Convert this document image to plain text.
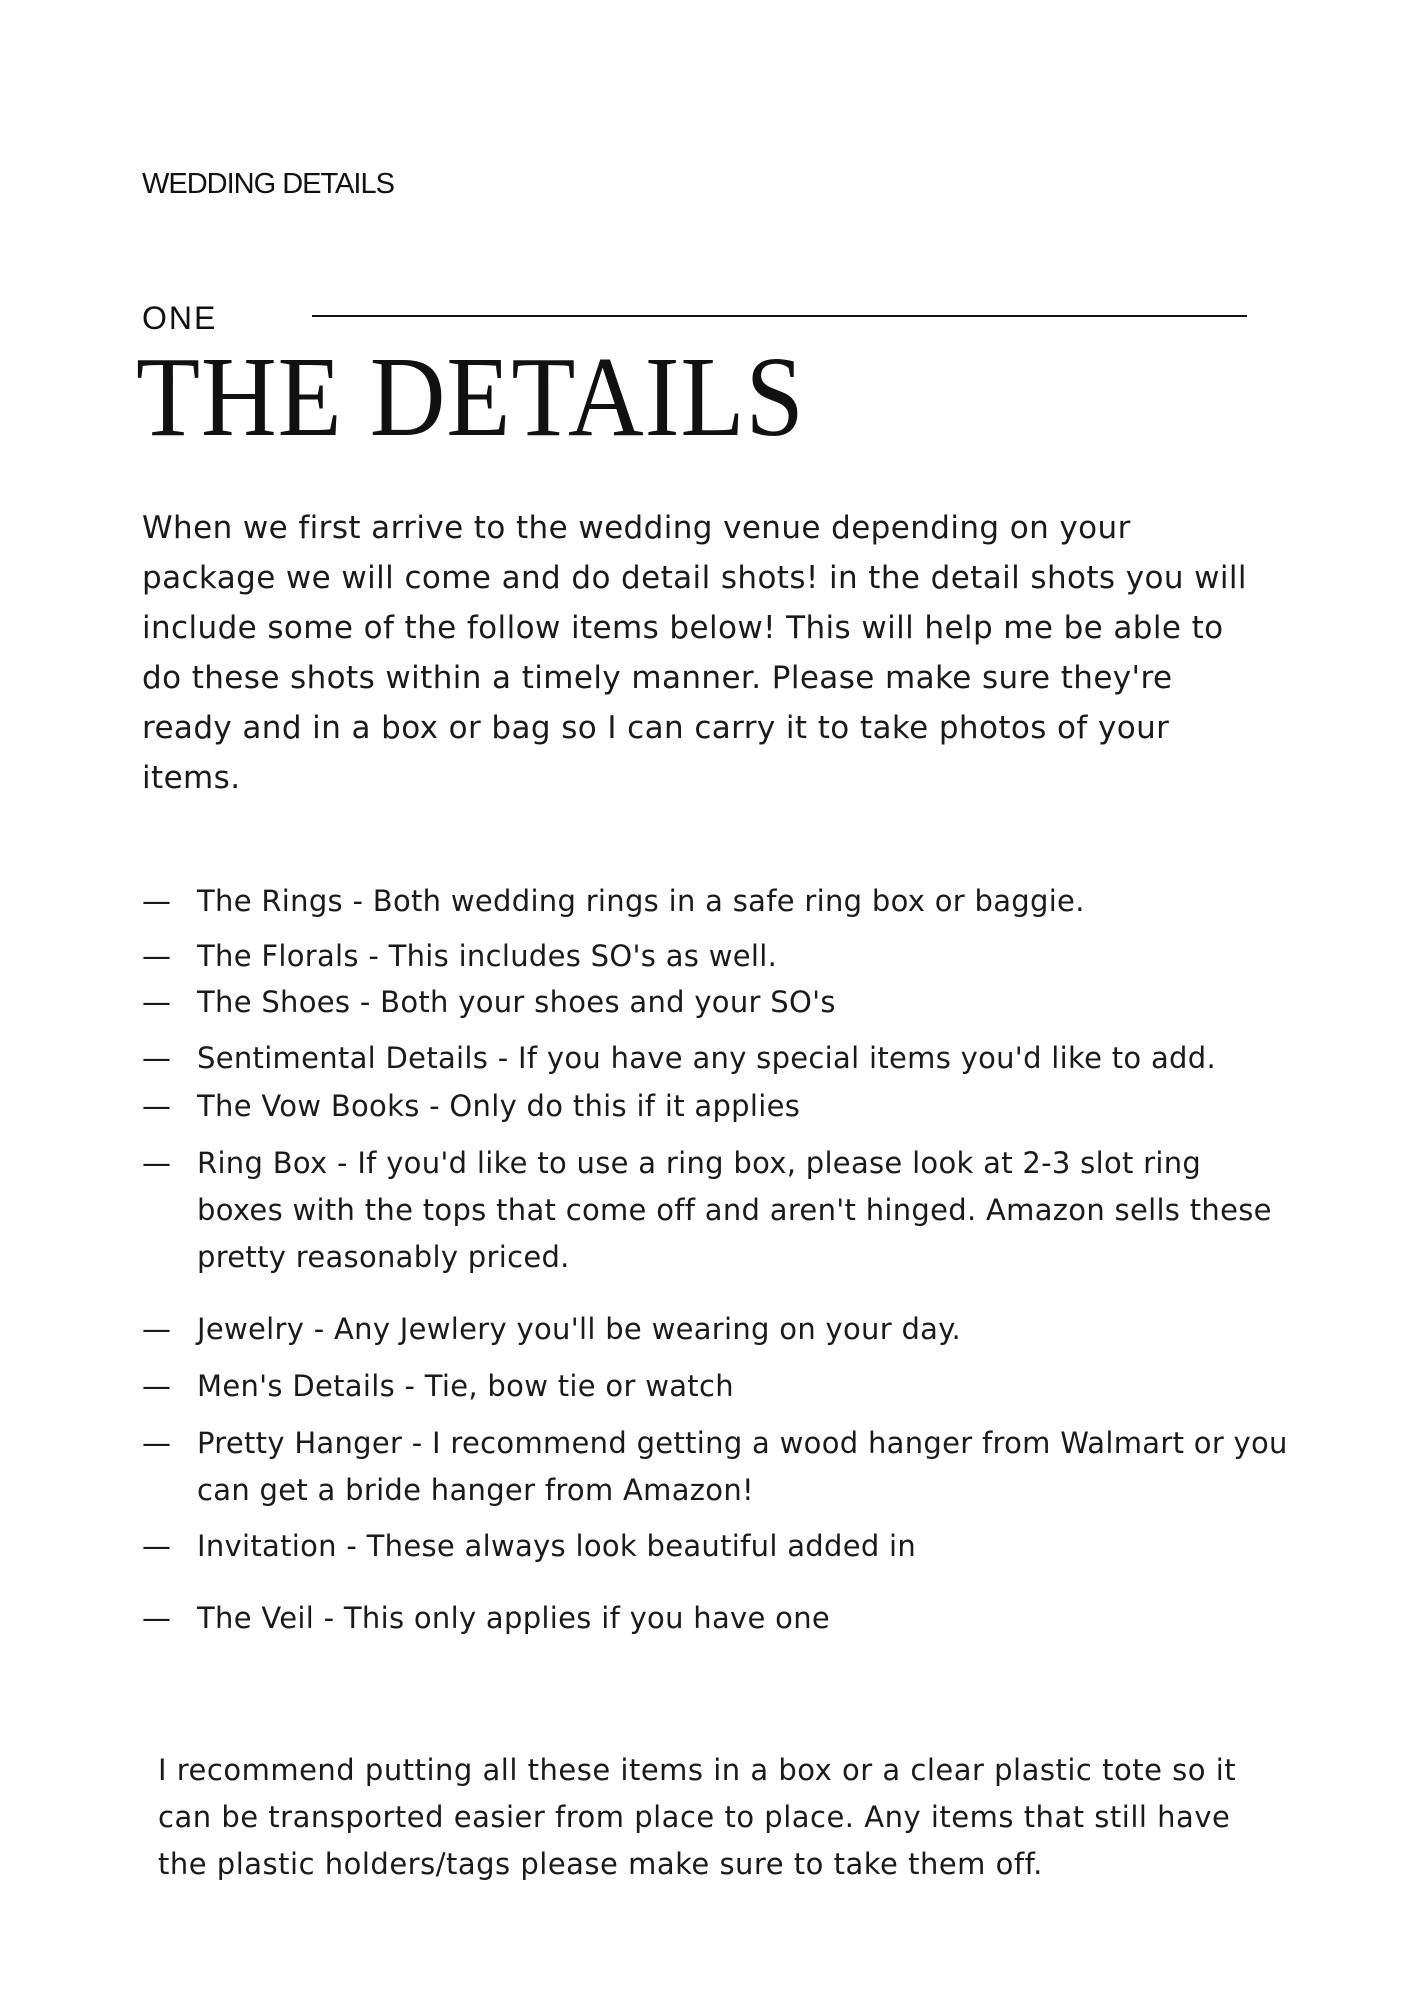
WEDDING DETAILS
ONE
THE DETAILS

When we first arrive to the wedding venue depending on your package we will come and do detail shots! in the detail shots you will include some of the follow items below! This will help me be able to do these shots within a timely manner. Please make sure they're ready and in a box or bag so I can carry it to take photos of your items.

— The Rings - Both wedding rings in a safe ring box or baggie.
— The Florals - This includes SO's as well.
— The Shoes - Both your shoes and your SO's
— Sentimental Details - If you have any special items you'd like to add.
— The Vow Books - Only do this if it applies
— Ring Box - If you'd like to use a ring box, please look at 2-3 slot ring boxes with the tops that come off and aren't hinged. Amazon sells these pretty reasonably priced.
— Jewelry - Any Jewlery you'll be wearing on your day.
— Men's Details - Tie, bow tie or watch
— Pretty Hanger - I recommend getting a wood hanger from Walmart or you can get a bride hanger from Amazon!
— Invitation - These always look beautiful added in
— The Veil - This only applies if you have one

I recommend putting all these items in a box or a clear plastic tote so it can be transported easier from place to place. Any items that still have the plastic holders/tags please make sure to take them off.
